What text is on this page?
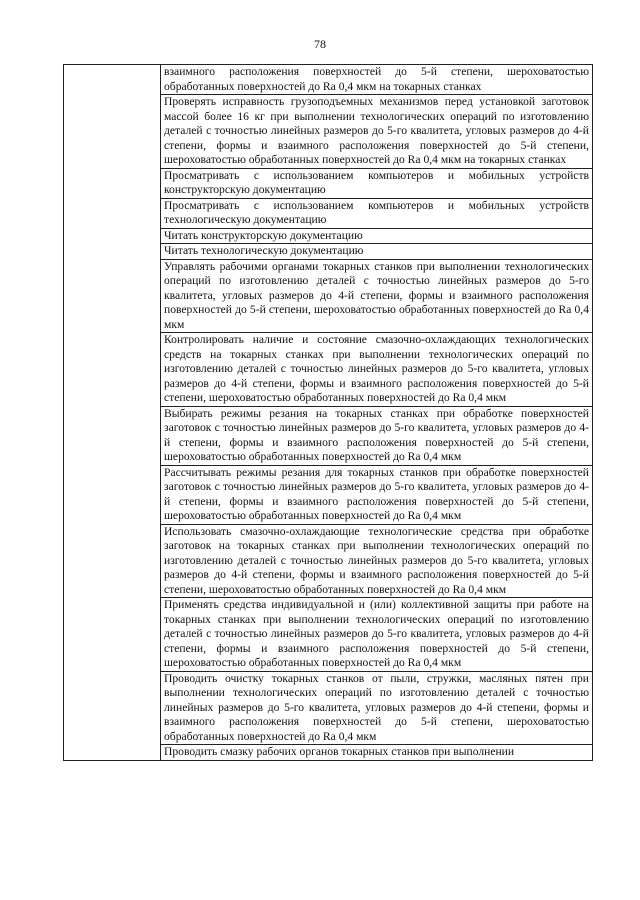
78
	взаимного расположения поверхностей до 5-й степени, шероховатостью обработанных поверхностей до Ra 0,4 мкм на токарных станках
Проверять исправность грузоподъемных механизмов перед установкой заготовок массой более 16 кг при выполнении технологических операций по изготовлению деталей с точностью линейных размеров до 5-го квалитета, угловых размеров до 4-й степени, формы и взаимного расположения поверхностей до 5-й степени, шероховатостью обработанных поверхностей до Ra 0,4 мкм на токарных станках
Просматривать с использованием компьютеров и мобильных устройств конструкторскую документацию
Просматривать с использованием компьютеров и мобильных устройств технологическую документацию
Читать конструкторскую документацию
Читать технологическую документацию
Управлять рабочими органами токарных станков при выполнении технологических операций по изготовлению деталей с точностью линейных размеров до 5-го квалитета, угловых размеров до 4-й степени, формы и взаимного расположения поверхностей до 5-й степени, шероховатостью обработанных поверхностей до Ra 0,4 мкм
Контролировать наличие и состояние смазочно-охлаждающих технологических средств на токарных станках при выполнении технологических операций по изготовлению деталей с точностью линейных размеров до 5-го квалитета, угловых размеров до 4-й степени, формы и взаимного расположения поверхностей до 5-й степени, шероховатостью обработанных поверхностей до Ra 0,4 мкм
Выбирать режимы резания на токарных станках при обработке поверхностей заготовок с точностью линейных размеров до 5-го квалитета, угловых размеров до 4-й степени, формы и взаимного расположения поверхностей до 5-й степени, шероховатостью обработанных поверхностей до Ra 0,4 мкм
Рассчитывать режимы резания для токарных станков при обработке поверхностей заготовок с точностью линейных размеров до 5-го квалитета, угловых размеров до 4-й степени, формы и взаимного расположения поверхностей до 5-й степени, шероховатостью обработанных поверхностей до Ra 0,4 мкм
Использовать смазочно-охлаждающие технологические средства при обработке заготовок на токарных станках при выполнении технологических операций по изготовлению деталей с точностью линейных размеров до 5-го квалитета, угловых размеров до 4-й степени, формы и взаимного расположения поверхностей до 5-й степени, шероховатостью обработанных поверхностей до Ra 0,4 мкм
Применять средства индивидуальной и (или) коллективной защиты при работе на токарных станках при выполнении технологических операций по изготовлению деталей с точностью линейных размеров до 5-го квалитета, угловых размеров до 4-й степени, формы и взаимного расположения поверхностей до 5-й степени, шероховатостью обработанных поверхностей до Ra 0,4 мкм
Проводить очистку токарных станков от пыли, стружки, масляных пятен при выполнении технологических операций по изготовлению деталей с точностью линейных размеров до 5-го квалитета, угловых размеров до 4-й степени, формы и взаимного расположения поверхностей до 5-й степени, шероховатостью обработанных поверхностей до Ra 0,4 мкм
Проводить смазку рабочих органов токарных станков при выполнении
